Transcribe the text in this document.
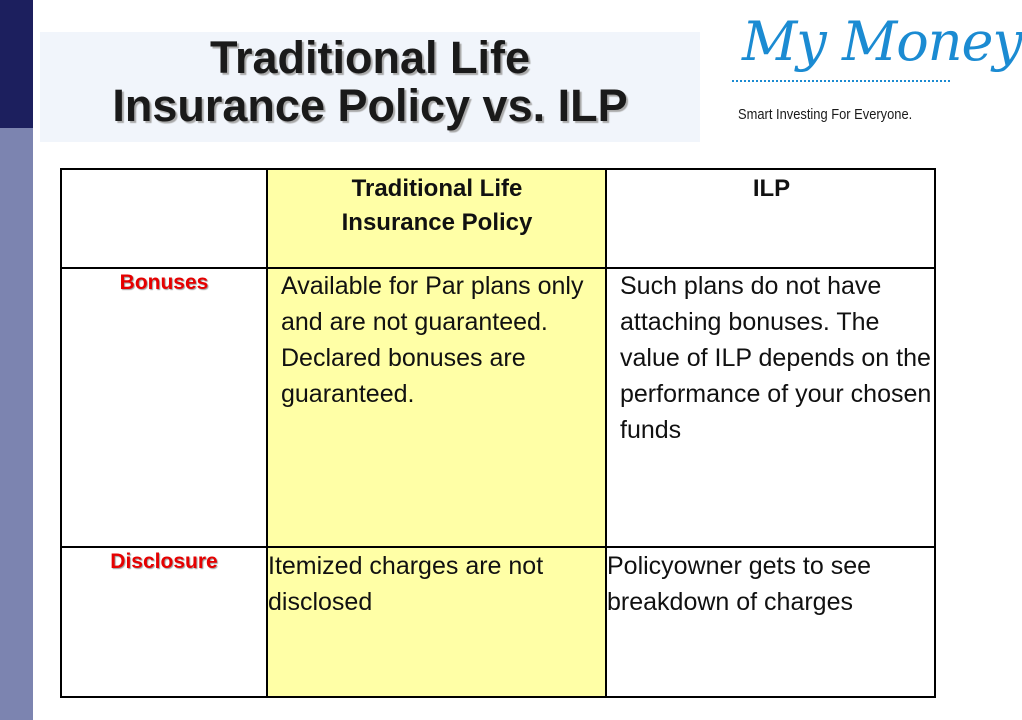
Traditional Life
Insurance Policy vs. ILP
My Money
Smart Investing For Everyone.
Traditional Life
Insurance Policy
ILP
Bonuses	Available for Par plans only and are not guaranteed. Declared bonuses are guaranteed.

Such plans do not have attaching bonuses. The value of ILP depends on the performance of your chosen funds

Disclosure	Itemized charges are not disclosed

Policyowner gets to see breakdown of charges
